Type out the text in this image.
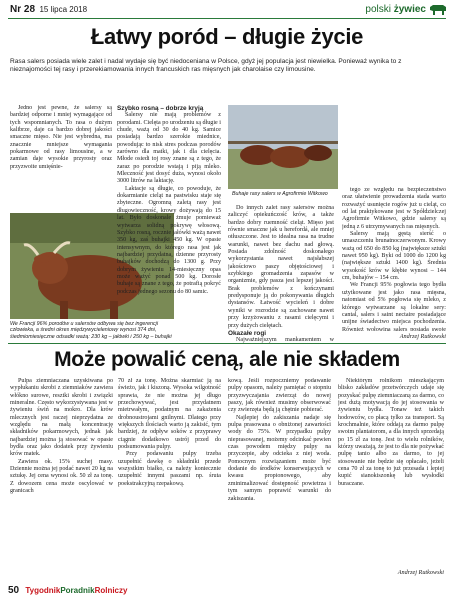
Nr 28 15 lipca 2018	polski żywiec
Łatwy poród – długie życie
Rasa salers posiada wiele zalet i nadal wydaje się być niedoceniana w Polsce, gdyż jej populacja jest niewielka. Ponieważ wynika to z nieznajomości tej rasy i przerekiamowania innych francuskich ras mięsnych jak charolaise czy limousine.

Jedno jest pewne, że salersy są bardziej odporne i mniej wymagające od tych wspomnianych. To rasa o dużym kalibrze, daje ca bardzo dobrej jakości smaczne mięso. Nie jest wybredna, ma znacznie mniejsze wymagania pokarmowe od rasy limousine, a w zamian daje wysokie przyrosty oraz przyzwoite umięśnie-

We Francji 96% porodów u salersów odbywa się bez ingerencji człowieka, a średni okres międzywycieleniowy wynosi 374 dni, śiedmiomiesięczne odsadki ważą: 230 kg – jałówki i 250 kg – buhajki

Szybko rosną – dobrze kryją

Salersy nie mają problemów z porodami. Cielęta po urodzeniu są długie i chude, ważą od 30 do 40 kg. Samice posiadają bardzo szerokie miednice, powodując to nisk stres podczas porodów zarówno dla matki, jak i dla cielęcia. Młode osiedi toj rosy znane są z tego, że zaraz po porodzie wstają i piją mleko. Mleczność jest dosyć duża, wynosi około 3000 litrów na laktację.

Laktacje są długie, co powoduje, że dokarmianie cieląt na pastwisku staje się zbyteczne. Ogromną zaletą rasy jest długowieczność, krowy dożywają do 15 lat. Było doskonale żmuje pomieważ wytwarza solidną pokrywę włosową. Szybko rosną, rocznie jałówki ważą nawet 350 kg, zaś buhajki 450 kg. W opasie intensywnym, do którego rasa jest jak najbardziej przydatna, dzienne przyrosty buhajków dochodzą do 1300 g. Przy dobrym żywieniu 14-miesięczny opas może ważyć ponad 500 kg. Dorosłe buhaje są znane z tego, że potrafią pokryć podczas jednego sezonu do 80 samic.

Buhaje rasy salers w Agrofirmie Witkowo

Do innych zalet rasy salersów można zaliczyć opiekuńczość krów, a także bardzo dobry ruemność cieląt. Mięso jest równie smaczne jak u herefordá, ale mniej otłuszczone. Jest to idealna rasa na trudne warunki, nawet bez dachu nad głową. Posiada zdolność doskonałego wykorzystania nawet najsłabszej jakościowo paszy objętościowej i szybkiego gromadzenia zapasów w organizmie, gdy pasza jest lepszej jakości. Brak problemów z kończynami predysponuje ją do pokonywania długich dystansów. Łatwość wycieleń i dobre wyniki w rozrodzie są zachowane nawet przy krzyżowaniu z rasami cielęcymi i przy dużych cielętach.

Okazałe rogi

Najważniejszym mankamentem w

tego ze względu na bezpieczeństwo oraz ułatwienie prowadzenia stada warto rozważyć usunięcie rogów już u cieląt, co od lat praktykowane jest w Spółdzielczej Agrofirmie Witkowo, gdzie salersy są jedną z 6 utrzymywanych ras mięsnych.

Salersy mają gęstą sierść o umaszczeniu brunatnoczerwonym. Krowy ważą od 650 do 850 kg (największe sztuki nawet 950 kg). Byki od 1000 do 1200 kg (największe sztuki 1400 kg). Średnia wysokość krów w kłębie wynosi – 144 cm, buhajów – 154 cm.

We Francji 95% pogłowia tego bydła użytkowane jest jako rasa mięsna, natomiast od 5% pogłowia się mleko, z którego wytwarzane są lokalne sery: cantal, salers i saint nectaire posiadające unijne świadectwo miejsca pochodzenia. Również wołowina salers posiada swoje

Andrzej Rutkowski
Może powalić ceną, ale nie składem

Pulpa ziemniaczana uzyskiwana po wypłukaniu skrobi z ziemniaków zawiera włókno surowe, resztki skrobi i związki mineralne. Często wykorzystywana jest w żywieniu świń na mokro. Dla krów mlecznych jest raczej nieprzydatna ze względu na małą koncentrację składników pokarmowych, jednak jak najbardziej można ją stosować w opasie bydła oraz jako dodatek przy żywieniu krów matek.

Zawiera ok. 15% suchej masy. Dziennie można jej podać nawet 20 kg na sztukę. Jej cena wynosi ok. 50 zł za tonę. Z dowozem cena może oscylować w granicach

70 zł za tonę. Można skarmiać ją na świeżo, jak i kiszoną. Wysoka wilgotność sprawia, że nie można jej długo przechowywać, jest przydatnem mietrwałym, podatnym na zakażenia drobnoustrojami gnilnymi. Dlatego przy większych ilościach warto ją zakisić, tym bardziej, że odpływ soków z przyprawy ciągnie dodatkowo ustrój przed do podsumowania pulpy.

Przy podawaniu pulpy trzeba uzupełnić dawkę o składniki przede wszystkim białko, ca należy koniecznie uzupełnić innymi paszami np. śruta poekstrakcyjną rzepakową.

kową. Jeśli rozpoczniemy podawanie pulpy opasom, należy pamiętać o stopniu przyzwyczajania zwierząt do nowej paszy, jak również musimy obserwować czy zwierzęta będą ją chętnie pobierać.

Najlepiej do zakiszania nadaje się pulpa prasowana o obniżonej zawartości wody do 75%. W przypadku pulpy nieprasowanej, możemy odcinkać pewien czas powodem między pulpy na przyczepie, aby odcieka z niej woda. Pomocnym rozwiązaniem może być dodanie do środków konserwujących w kwasu propionowego, aby zminimalizować dostępność powietrza i tym samym poprawić warunki do zakiszania.

Niektórym rolnikom mieszkającym blisko zakładów przetwórczych udaje się pozyskać pulpę ziemniaczaną za darmo, co jest dużą motywacją do jej stosowania w żywieniu bydła. Tonaw też takich hodowców, co płacą tylko za transport. Są krochmalnie, które oddają za darmo pulpę swoim plantatorom, a dla innych sprzedają po 15 zł za tonę. Jest to wielu rolników, którzy uważają, że jest to dla nie pożywkać pulpę tanio albo za darmo, to jej stosowanie nie będzie się opłacało, jeżeli cena 70 zł za tonę to już przesada i lepiej kupić sianokiszonkę lub wysłodki buraczane.

Andrzej Rutkowski
50 TygodnikPoradnikRolniczy
